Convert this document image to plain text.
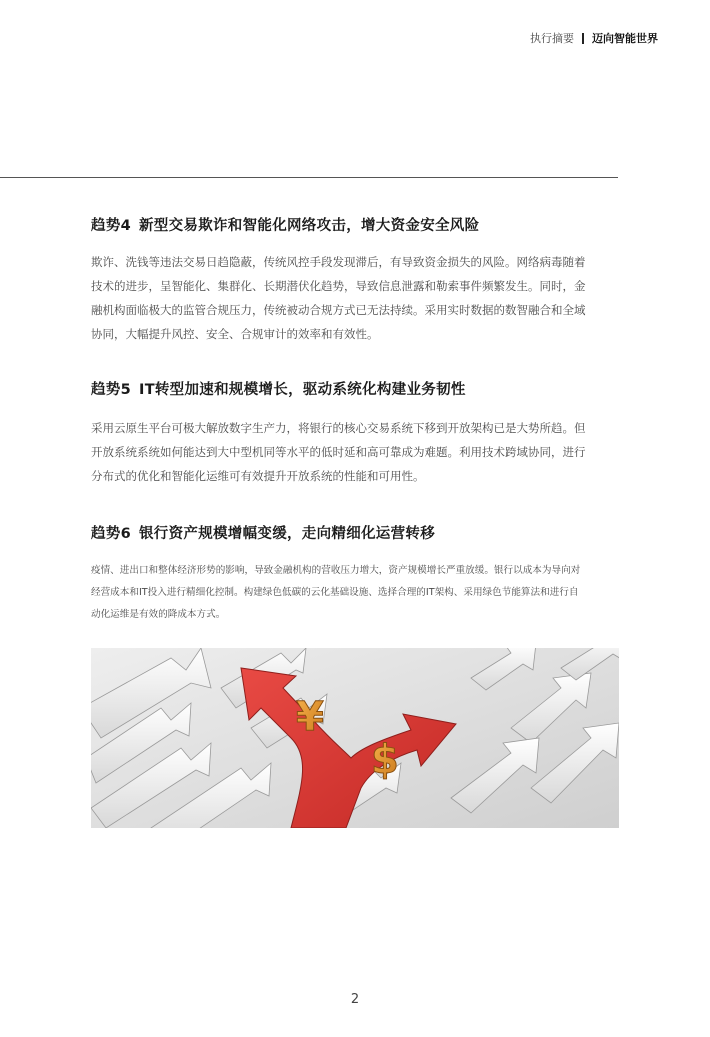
执行摘要 迈向智能世界
趋势4 新型交易欺诈和智能化网络攻击，增大资金安全风险
欺诈、洗钱等违法交易日趋隐蔽，传统风控手段发现滞后，有导致资金损失的风险。网络病毒随着
技术的进步，呈智能化、集群化、长期潜伏化趋势，导致信息泄露和勒索事件频繁发生。同时，金
融机构面临极大的监管合规压力，传统被动合规方式已无法持续。采用实时数据的数智融合和全域
协同，大幅提升风控、安全、合规审计的效率和有效性。
趋势5 IT转型加速和规模增长，驱动系统化构建业务韧性
采用云原生平台可极大解放数字生产力，将银行的核心交易系统下移到开放架构已是大势所趋。但
开放系统系统如何能达到大中型机同等水平的低时延和高可靠成为难题。利用技术跨域协同，进行
分布式的优化和智能化运维可有效提升开放系统的性能和可用性。
趋势6 银行资产规模增幅变缓，走向精细化运营转移
疫情、进出口和整体经济形势的影响，导致金融机构的营收压力增大，资产规模增长严重放缓。银行以成本为导向对
经营成本和IT投入进行精细化控制。构建绿色低碳的云化基础设施、选择合理的IT架构、采用绿色节能算法和进行自
动化运维是有效的降成本方式。
¥
$
2
